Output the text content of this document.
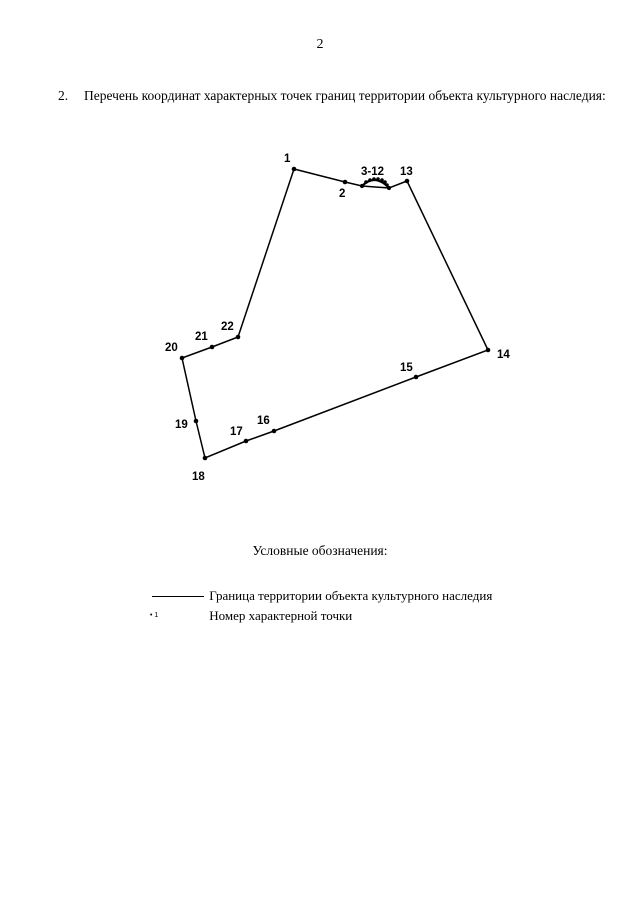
2
2. Перечень координат характерных точек границ территории объекта культурного наследия:
1
2
3-12 13
14
15
16
17
18
19
20
21
22
Условные обозначения:
Граница территории объекта культурного наследия
• 1	Номер характерной точки
